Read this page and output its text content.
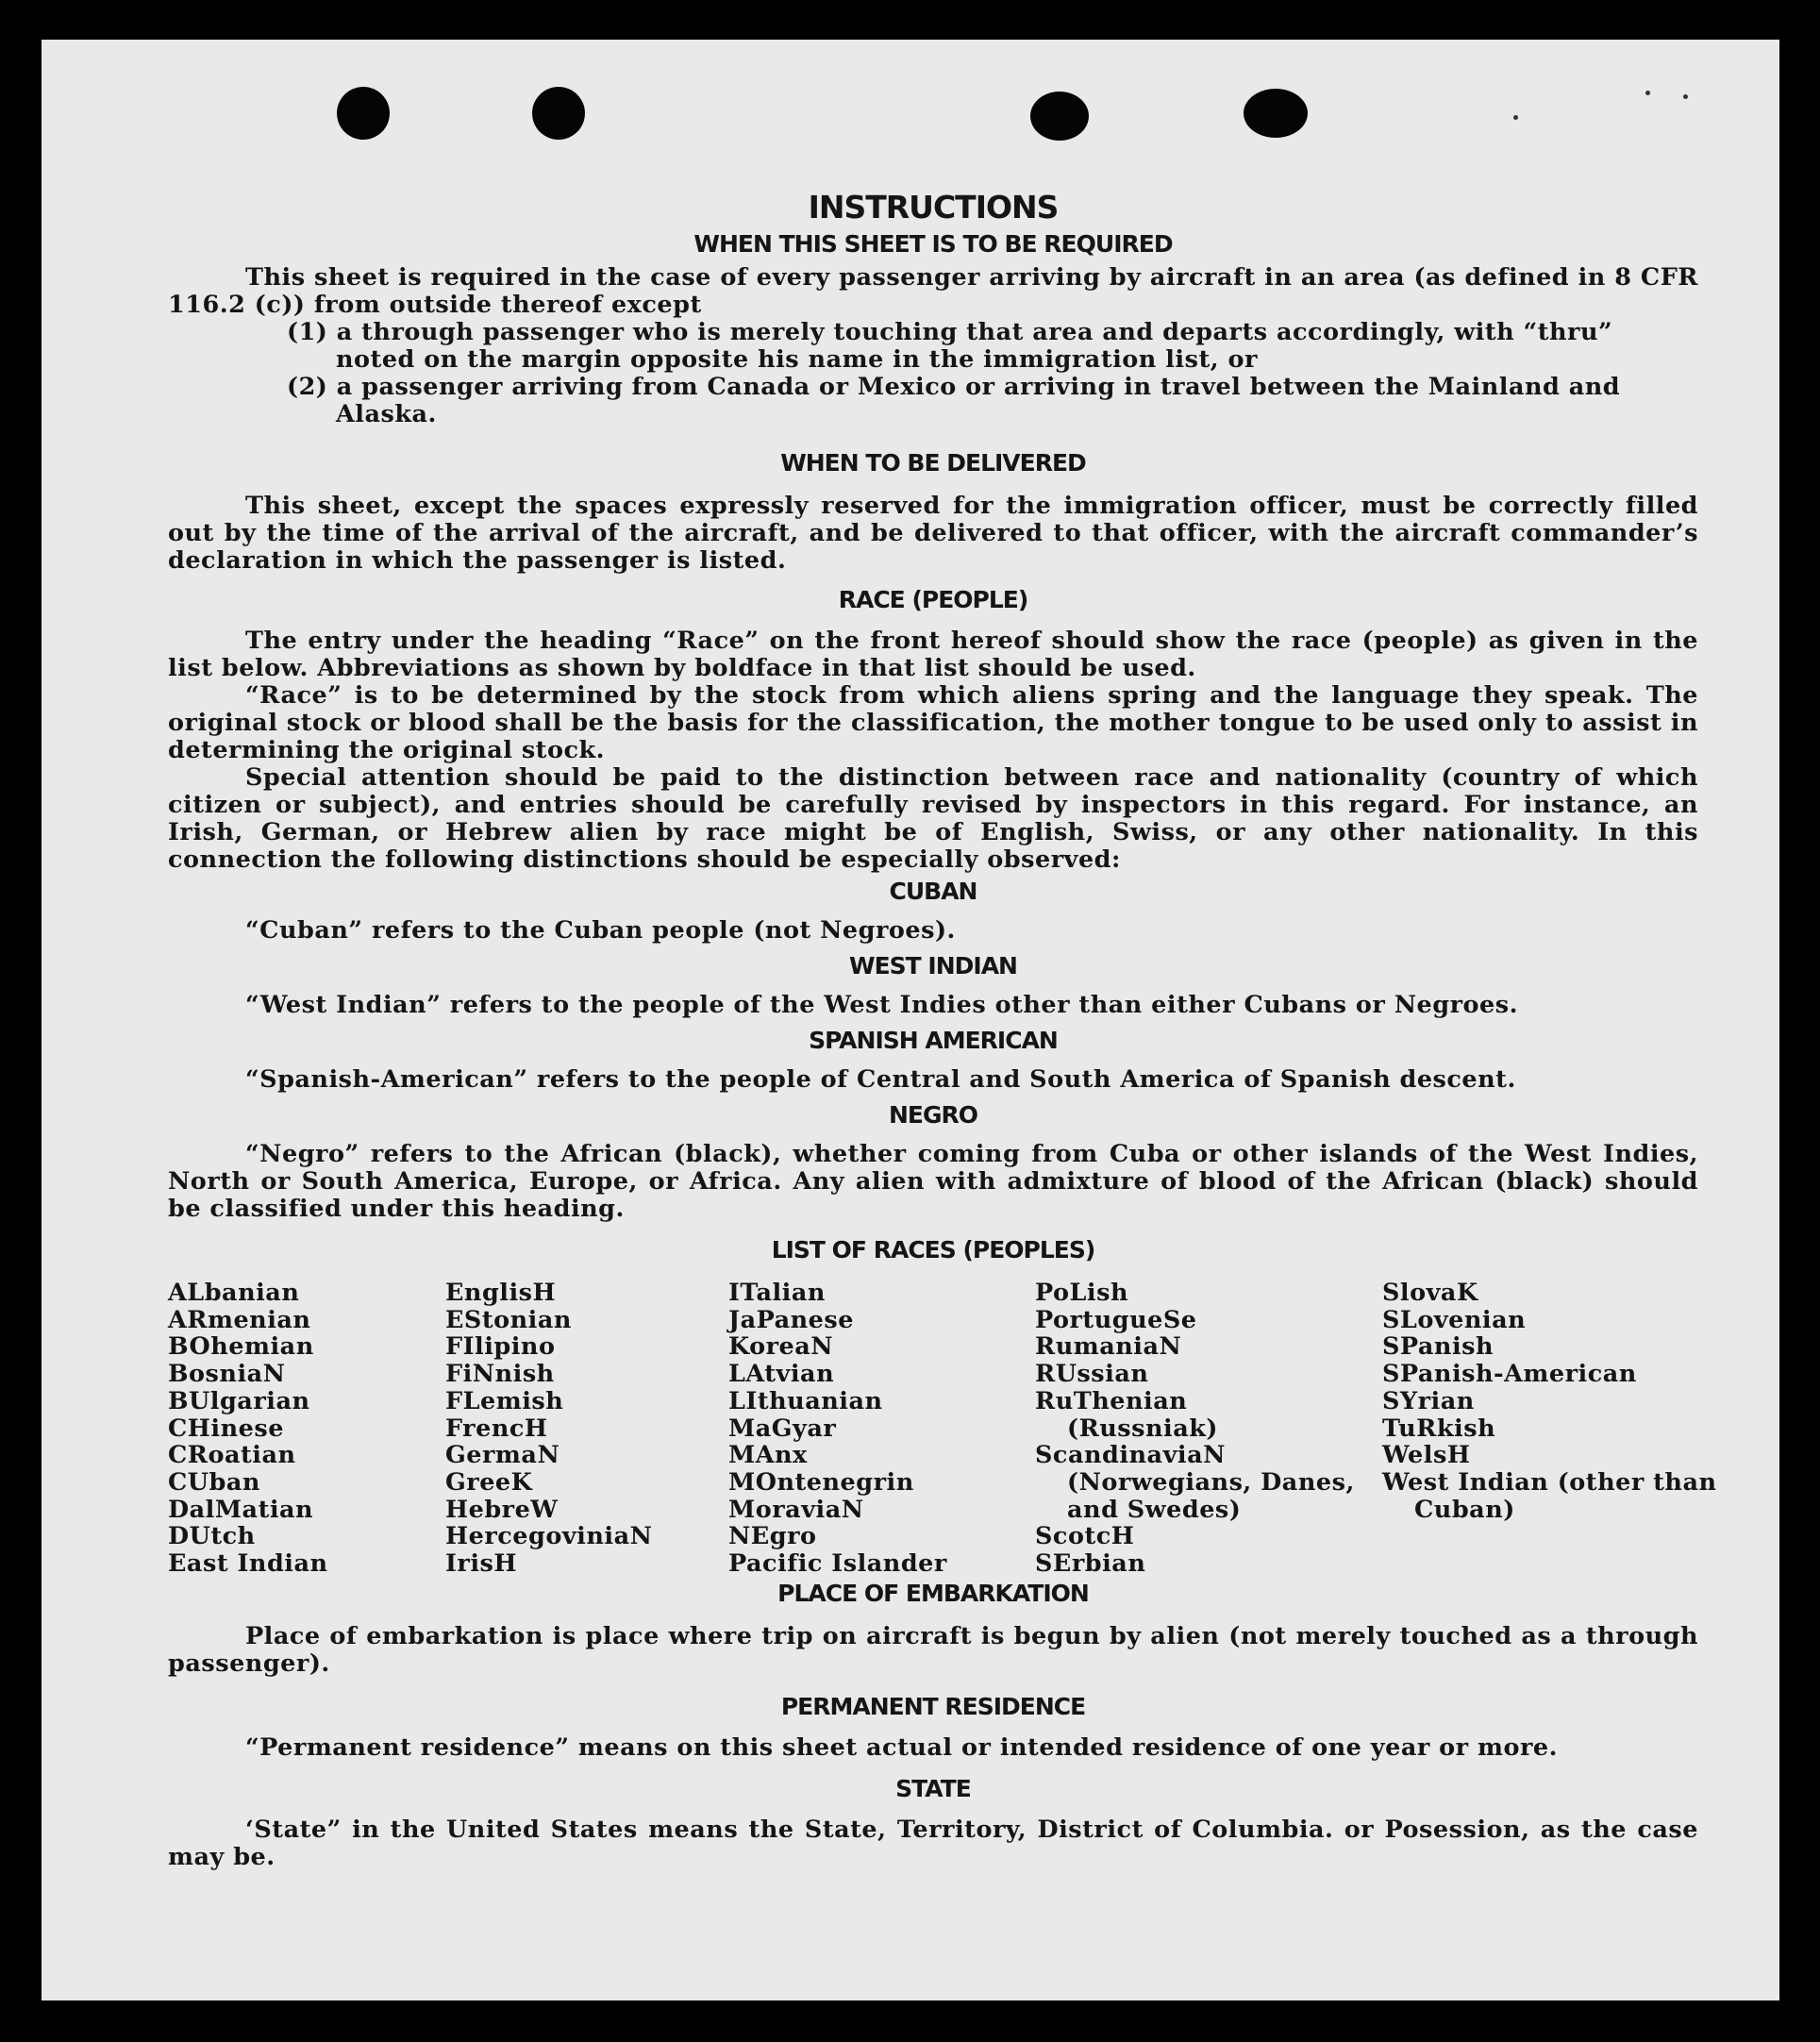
INSTRUCTIONS
WHEN THIS SHEET IS TO BE REQUIRED

This sheet is required in the case of every passenger arriving by aircraft in an area (as defined in 8 CFR 116.2 (c)) from outside thereof except

(1) a through passenger who is merely touching that area and departs accordingly, with “thru” noted on the margin opposite his name in the immigration list, or

(2) a passenger arriving from Canada or Mexico or arriving in travel between the Mainland and Alaska.

WHEN TO BE DELIVERED

This sheet, except the spaces expressly reserved for the immigration officer, must be correctly filled out by the time of the arrival of the aircraft, and be delivered to that officer, with the aircraft commander’s declaration in which the passenger is listed.

RACE (PEOPLE)

The entry under the heading “Race” on the front hereof should show the race (people) as given in the list below. Abbreviations as shown by boldface in that list should be used.

“Race” is to be determined by the stock from which aliens spring and the language they speak. The original stock or blood shall be the basis for the classification, the mother tongue to be used only to assist in determining the original stock.

Special attention should be paid to the distinction between race and nationality (country of which citizen or subject), and entries should be carefully revised by inspectors in this regard. For instance, an Irish, German, or Hebrew alien by race might be of English, Swiss, or any other nationality. In this connection the following distinctions should be especially observed:

CUBAN

“Cuban” refers to the Cuban people (not Negroes).

WEST INDIAN

“West Indian” refers to the people of the West Indies other than either Cubans or Negroes.

SPANISH AMERICAN

“Spanish-American” refers to the people of Central and South America of Spanish descent.

NEGRO

“Negro” refers to the African (black), whether coming from Cuba or other islands of the West Indies, North or South America, Europe, or Africa. Any alien with admixture of blood of the African (black) should be classified under this heading.

LIST OF RACES (PEOPLES)
ALbanian
ARmenian
BOhemian
BosniaN
BUlgarian
CHinese
CRoatian
CUban
DalMatian
DUtch
East Indian
EnglisH
EStonian
FIlipino
FiNnish
FLemish
FrencH
GermaN
GreeK
HebreW
HercegoviniaN
IrisH
ITalian
JaPanese
KoreaN
LAtvian
LIthuanian
MaGyar
MAnx
MOntenegrin
MoraviaN
NEgro
Pacific Islander
PoLish
PortugueSe
RumaniaN
RUssian
RuThenian (Russniak)
ScandinaviaN (Norwegians, Danes, and Swedes)
ScotcH
SErbian
SlovaK
SLovenian
SPanish
SPanish-American
SYrian
TuRkish
WelsH
West Indian (other than Cuban)
PLACE OF EMBARKATION

Place of embarkation is place where trip on aircraft is begun by alien (not merely touched as a through passenger).

PERMANENT RESIDENCE

“Permanent residence” means on this sheet actual or intended residence of one year or more.

STATE

‘State” in the United States means the State, Territory, District of Columbia. or Posession, as the case may be.
